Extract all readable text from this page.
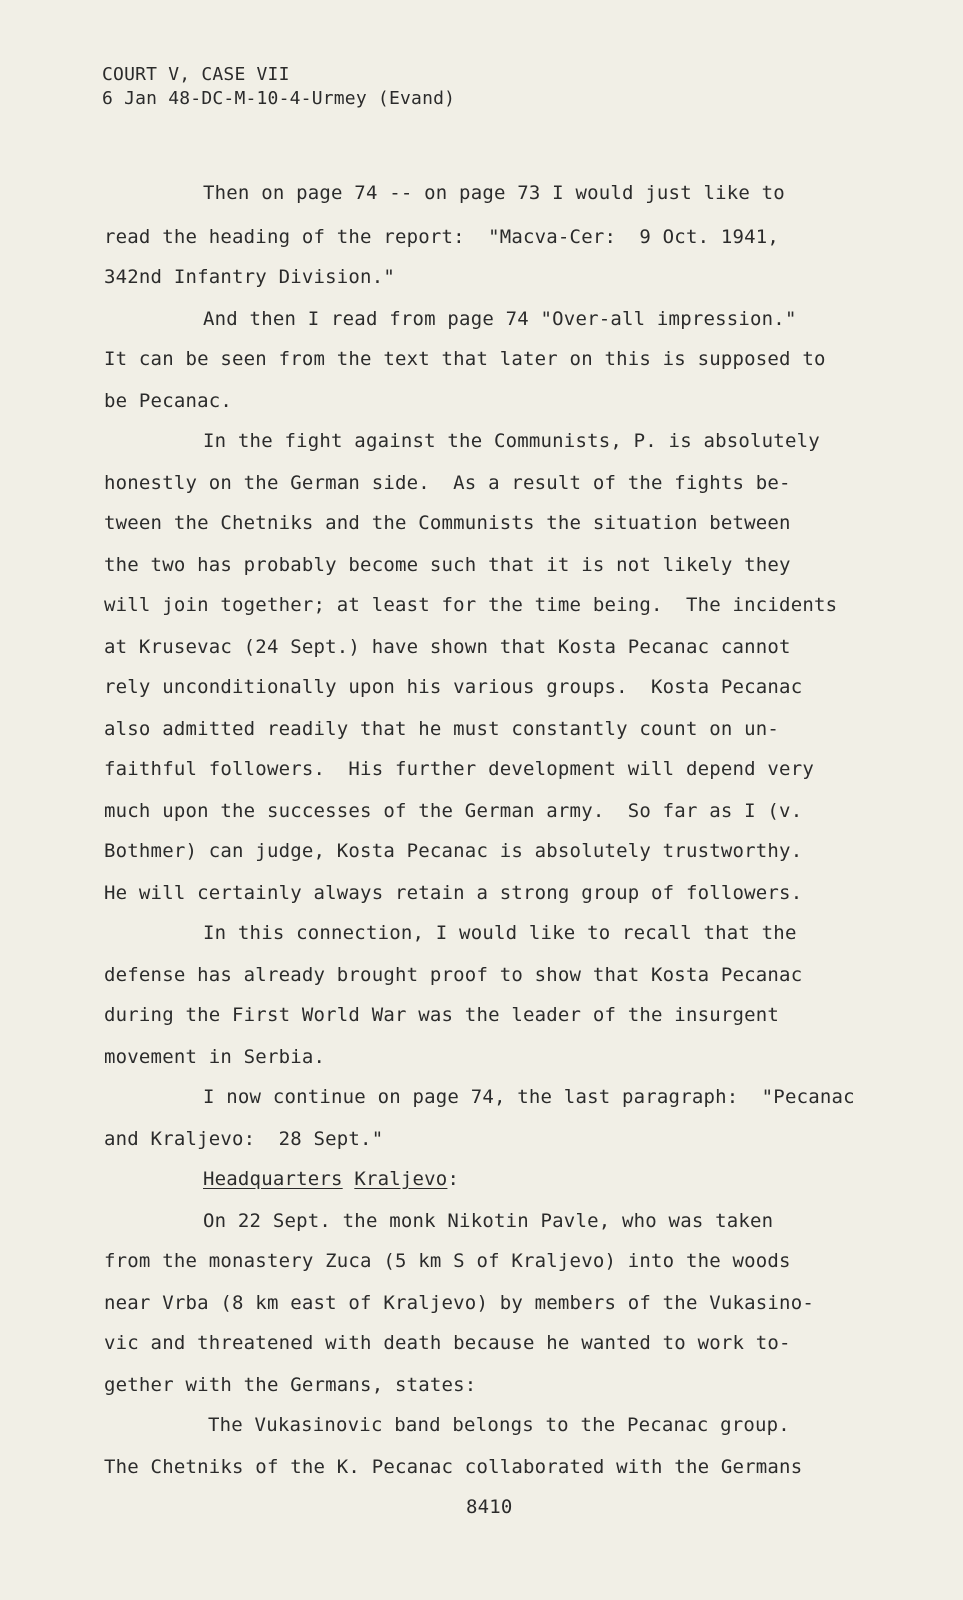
COURT V, CASE VII
6 Jan 48-DC-M-10-4-Urmey (Evand)
Then on page 74 -- on page 73 I would just like to
read the heading of the report:  "Macva-Cer:  9 Oct. 1941,
342nd Infantry Division."
And then I read from page 74 "Over-all impression."
It can be seen from the text that later on this is supposed to
be Pecanac.
In the fight against the Communists, P. is absolutely
honestly on the German side.  As a result of the fights be-
tween the Chetniks and the Communists the situation between
the two has probably become such that it is not likely they
will join together; at least for the time being.  The incidents
at Krusevac (24 Sept.) have shown that Kosta Pecanac cannot
rely unconditionally upon his various groups.  Kosta Pecanac
also admitted readily that he must constantly count on un-
faithful followers.  His further development will depend very
much upon the successes of the German army.  So far as I (v.
Bothmer) can judge, Kosta Pecanac is absolutely trustworthy.
He will certainly always retain a strong group of followers.
In this connection, I would like to recall that the
defense has already brought proof to show that Kosta Pecanac
during the First World War was the leader of the insurgent
movement in Serbia.
I now continue on page 74, the last paragraph:  "Pecanac
and Kraljevo:  28 Sept."
Headquarters Kraljevo:
On 22 Sept. the monk Nikotin Pavle, who was taken
from the monastery Zuca (5 km S of Kraljevo) into the woods
near Vrba (8 km east of Kraljevo) by members of the Vukasino-
vic and threatened with death because he wanted to work to-
gether with the Germans, states:
The Vukasinovic band belongs to the Pecanac group.
The Chetniks of the K. Pecanac collaborated with the Germans
8410
